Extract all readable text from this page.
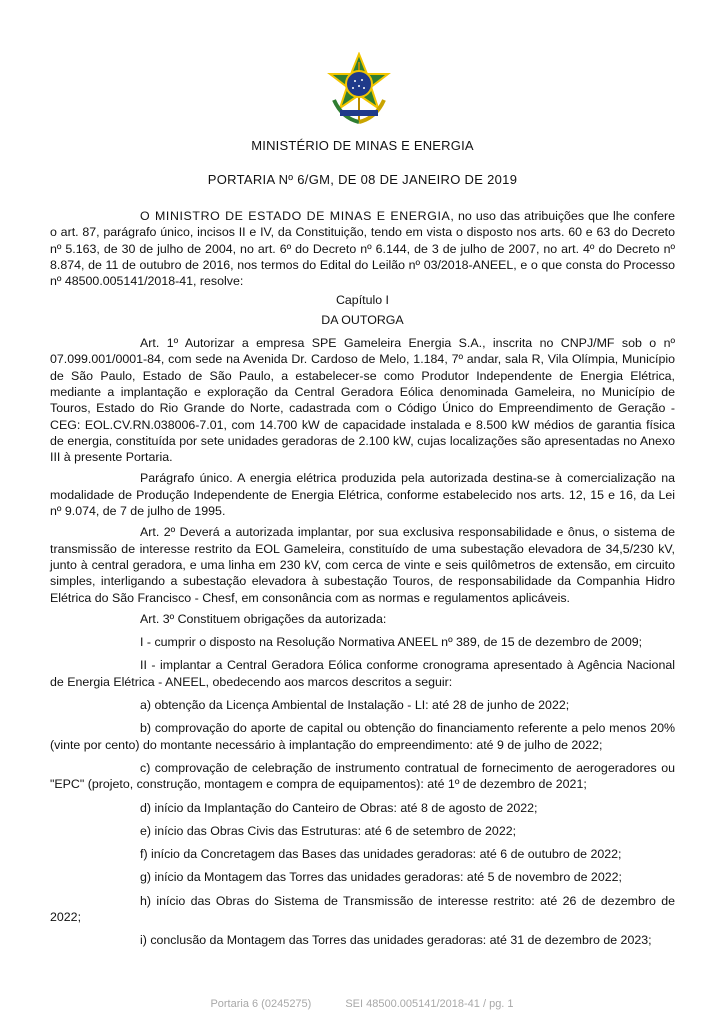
MINISTÉRIO DE MINAS E ENERGIA
PORTARIA Nº 6/GM, DE 08 DE JANEIRO DE 2019

O MINISTRO DE ESTADO DE MINAS E ENERGIA, no uso das atribuições que lhe confere o art. 87, parágrafo único, incisos II e IV, da Constituição, tendo em vista o disposto nos arts. 60 e 63 do Decreto nº 5.163, de 30 de julho de 2004, no art. 6º do Decreto nº 6.144, de 3 de julho de 2007, no art. 4º do Decreto nº 8.874, de 11 de outubro de 2016, nos termos do Edital do Leilão nº 03/2018-ANEEL, e o que consta do Processo nº 48500.005141/2018-41, resolve:

Capítulo I
DA OUTORGA

Art. 1º Autorizar a empresa SPE Gameleira Energia S.A., inscrita no CNPJ/MF sob o nº 07.099.001/0001-84, com sede na Avenida Dr. Cardoso de Melo, 1.184, 7º andar, sala R, Vila Olímpia, Município de São Paulo, Estado de São Paulo, a estabelecer-se como Produtor Independente de Energia Elétrica, mediante a implantação e exploração da Central Geradora Eólica denominada Gameleira, no Município de Touros, Estado do Rio Grande do Norte, cadastrada com o Código Único do Empreendimento de Geração - CEG: EOL.CV.RN.038006-7.01, com 14.700 kW de capacidade instalada e 8.500 kW médios de garantia física de energia, constituída por sete unidades geradoras de 2.100 kW, cujas localizações são apresentadas no Anexo III à presente Portaria.

Parágrafo único. A energia elétrica produzida pela autorizada destina-se à comercialização na modalidade de Produção Independente de Energia Elétrica, conforme estabelecido nos arts. 12, 15 e 16, da Lei nº 9.074, de 7 de julho de 1995.

Art. 2º Deverá a autorizada implantar, por sua exclusiva responsabilidade e ônus, o sistema de transmissão de interesse restrito da EOL Gameleira, constituído de uma subestação elevadora de 34,5/230 kV, junto à central geradora, e uma linha em 230 kV, com cerca de vinte e seis quilômetros de extensão, em circuito simples, interligando a subestação elevadora à subestação Touros, de responsabilidade da Companhia Hidro Elétrica do São Francisco - Chesf, em consonância com as normas e regulamentos aplicáveis.

Art. 3º Constituem obrigações da autorizada:

I - cumprir o disposto na Resolução Normativa ANEEL nº 389, de 15 de dezembro de 2009;

II - implantar a Central Geradora Eólica conforme cronograma apresentado à Agência Nacional de Energia Elétrica - ANEEL, obedecendo aos marcos descritos a seguir:

a) obtenção da Licença Ambiental de Instalação - LI: até 28 de junho de 2022;

b) comprovação do aporte de capital ou obtenção do financiamento referente a pelo menos 20% (vinte por cento) do montante necessário à implantação do empreendimento: até 9 de julho de 2022;

c) comprovação de celebração de instrumento contratual de fornecimento de aerogeradores ou "EPC" (projeto, construção, montagem e compra de equipamentos): até 1º de dezembro de 2021;

d) início da Implantação do Canteiro de Obras: até 8 de agosto de 2022;

e) início das Obras Civis das Estruturas: até 6 de setembro de 2022;

f) início da Concretagem das Bases das unidades geradoras: até 6 de outubro de 2022;

g) início da Montagem das Torres das unidades geradoras: até 5 de novembro de 2022;

h) início das Obras do Sistema de Transmissão de interesse restrito: até 26 de dezembro de 2022;

i) conclusão da Montagem das Torres das unidades geradoras: até 31 de dezembro de 2023;

Portaria 6 (0245275)	SEI 48500.005141/2018-41 / pg. 1
